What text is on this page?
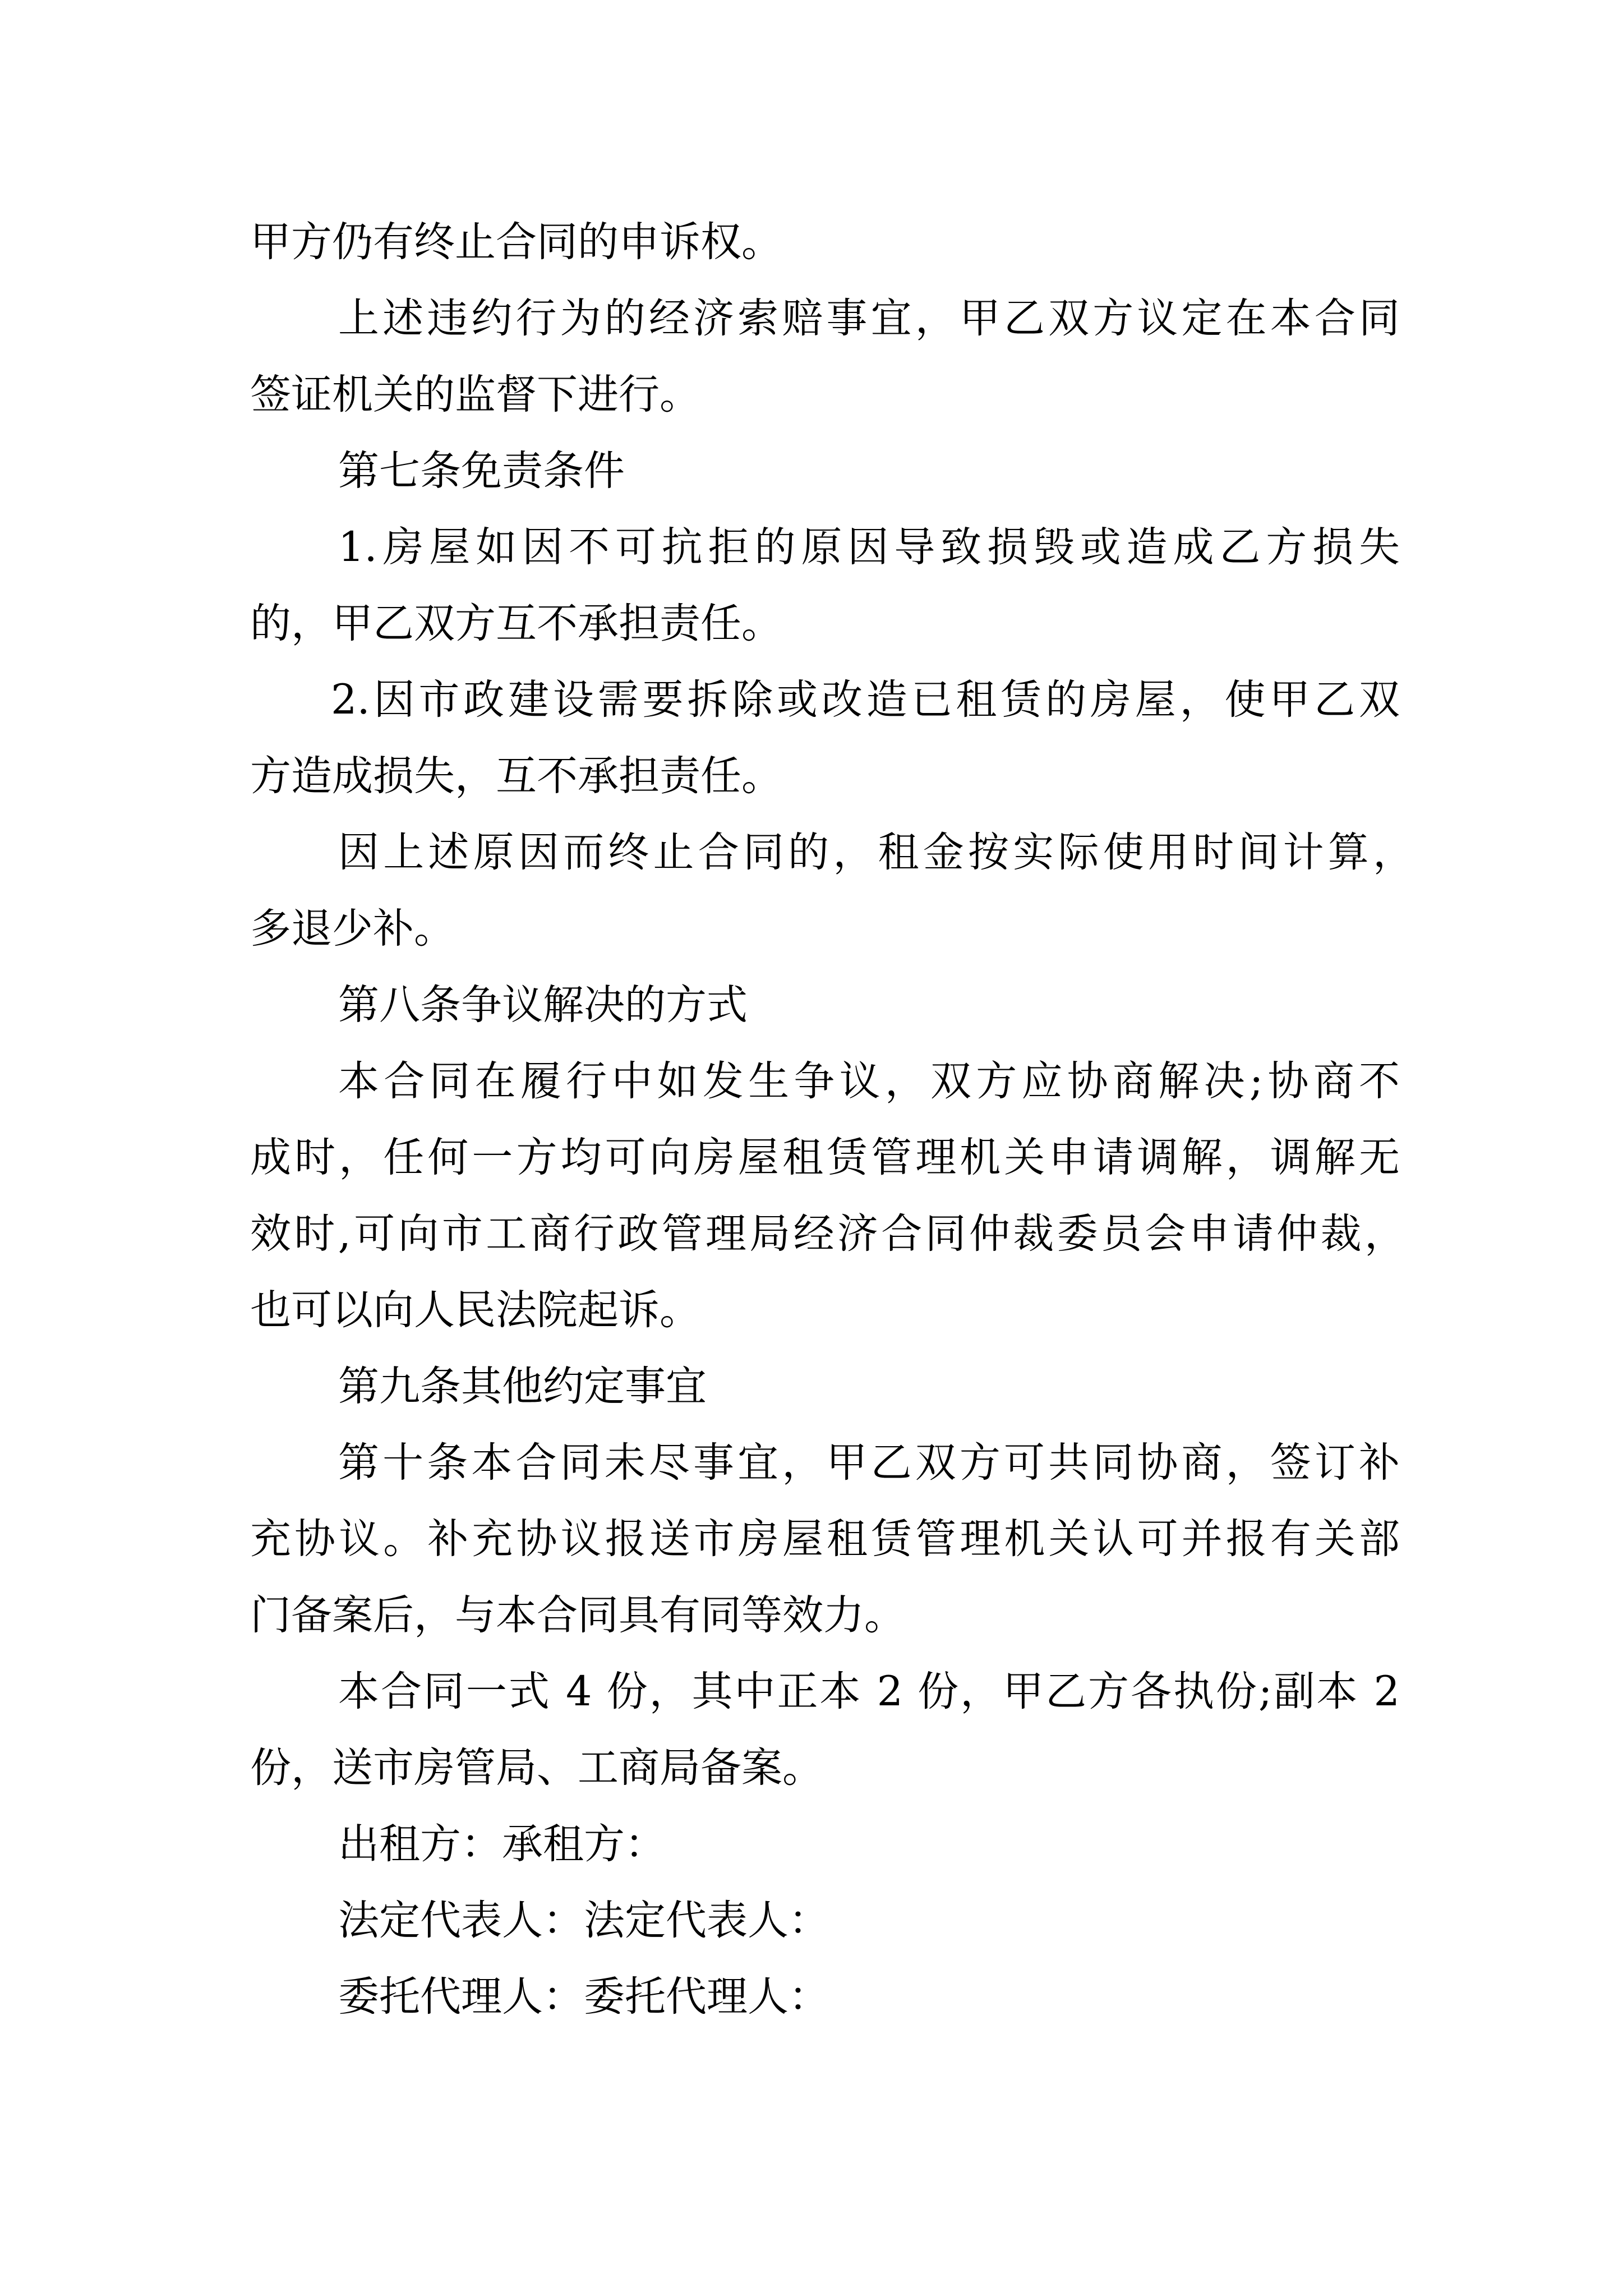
甲方仍有终止合同的申诉权。
上述违约行为的经济索赔事宜，甲乙双方议定在本合同
签证机关的监督下进行。
第七条免责条件
1.房屋如因不可抗拒的原因导致损毁或造成乙方损失
的，甲乙双方互不承担责任。
2.因市政建设需要拆除或改造已租赁的房屋，使甲乙双
方造成损失，互不承担责任。
因上述原因而终止合同的，租金按实际使用时间计算，
多退少补。
第八条争议解决的方式
本合同在履行中如发生争议，双方应协商解决;协商不
成时，任何一方均可向房屋租赁管理机关申请调解，调解无
效时,可向市工商行政管理局经济合同仲裁委员会申请仲裁，
也可以向人民法院起诉。
第九条其他约定事宜
第十条本合同未尽事宜，甲乙双方可共同协商，签订补
充协议。补充协议报送市房屋租赁管理机关认可并报有关部
门备案后，与本合同具有同等效力。
本合同一式 4 份，其中正本 2 份，甲乙方各执份;副本 2
份，送市房管局、工商局备案。
出租方：承租方：
法定代表人：法定代表人：
委托代理人：委托代理人：
